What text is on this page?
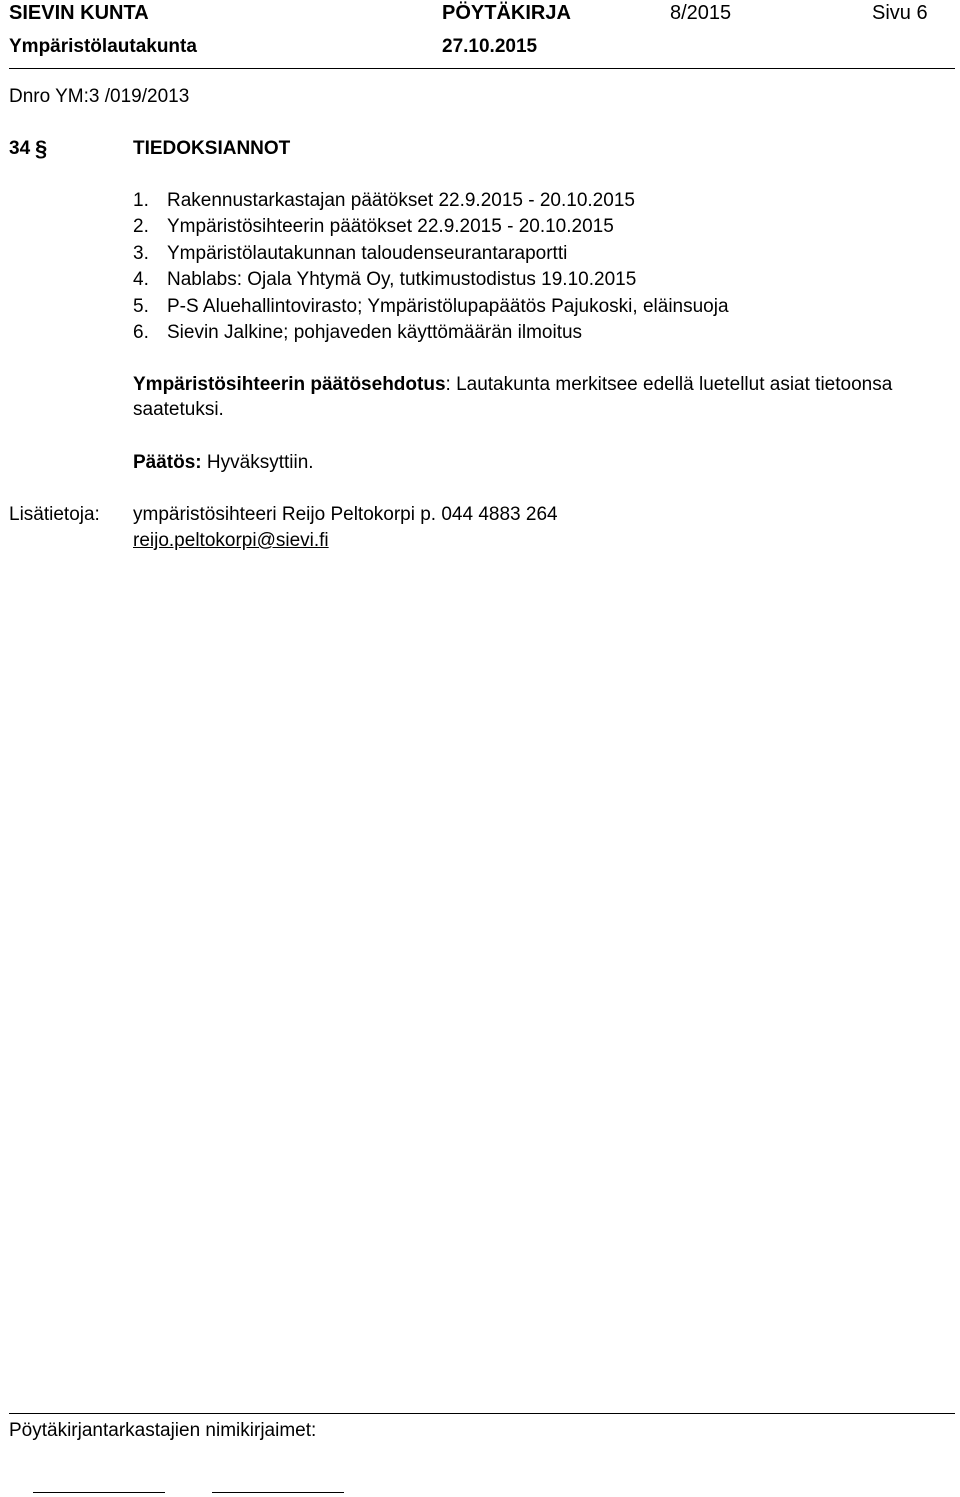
SIEVIN KUNTA	PÖYTÄKIRJA	8/2015	Sivu 6
Ympäristölautakunta	27.10.2015
Dnro YM:3 /019/2013
34 §	TIEDOKSIANNOT
1. Rakennustarkastajan päätökset 22.9.2015 - 20.10.2015
2. Ympäristösihteerin päätökset 22.9.2015 - 20.10.2015
3. Ympäristölautakunnan taloudenseurantaraportti
4. Nablabs: Ojala Yhtymä Oy, tutkimustodistus 19.10.2015
5. P-S Aluehallintovirasto; Ympäristölupapäätös Pajukoski, eläinsuoja
6. Sievin Jalkine; pohjaveden käyttömäärän ilmoitus
Ympäristösihteerin päätösehdotus: Lautakunta merkitsee edellä luetellut asiat tietoonsa saatetuksi.
Päätös: Hyväksyttiin.
Lisätietoja: ympäristösihteeri Reijo Peltokorpi p. 044 4883 264
reijo.peltokorpi@sievi.fi
Pöytäkirjantarkastajien nimikirjaimet:
